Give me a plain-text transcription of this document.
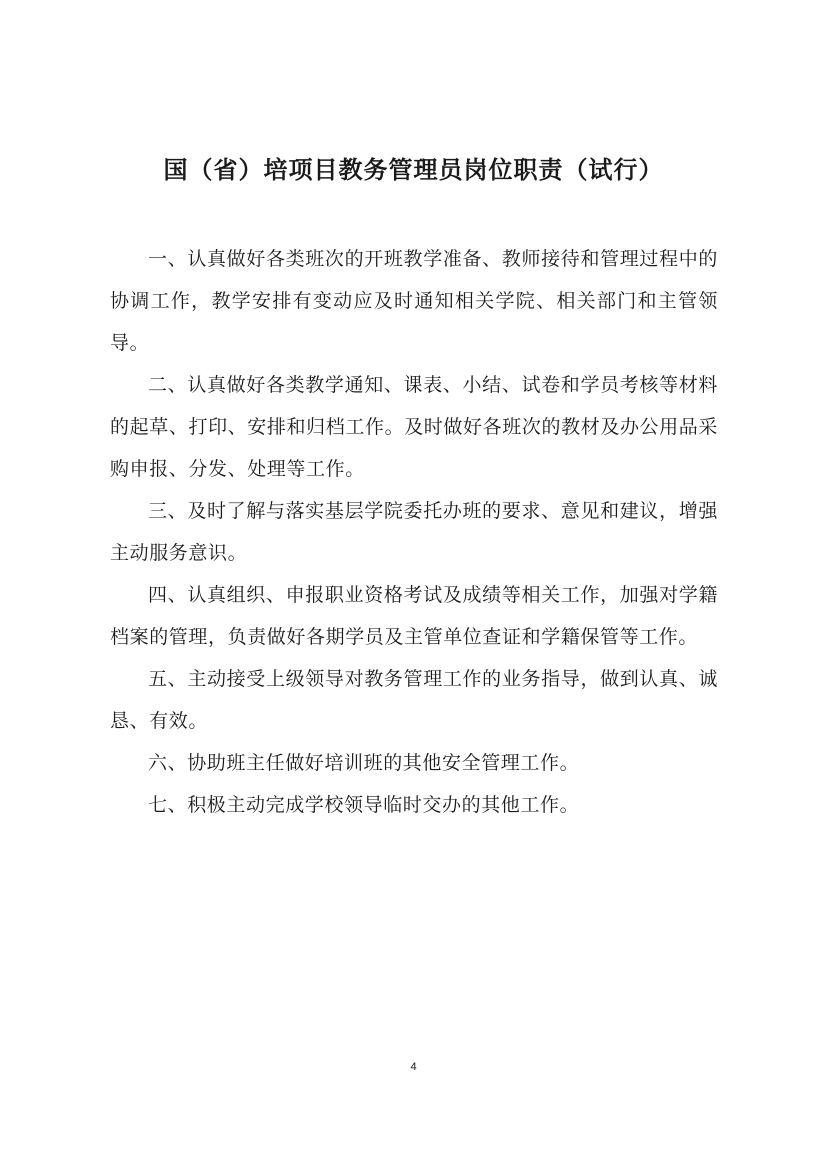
国（省）培项目教务管理员岗位职责（试行）

一、认真做好各类班次的开班教学准备、教师接待和管理过程中的协调工作，教学安排有变动应及时通知相关学院、相关部门和主管领导。

二、认真做好各类教学通知、课表、小结、试卷和学员考核等材料的起草、打印、安排和归档工作。及时做好各班次的教材及办公用品采购申报、分发、处理等工作。

三、及时了解与落实基层学院委托办班的要求、意见和建议，增强主动服务意识。

四、认真组织、申报职业资格考试及成绩等相关工作，加强对学籍档案的管理，负责做好各期学员及主管单位查证和学籍保管等工作。

五、主动接受上级领导对教务管理工作的业务指导，做到认真、诚恳、有效。

六、协助班主任做好培训班的其他安全管理工作。

七、积极主动完成学校领导临时交办的其他工作。

4
